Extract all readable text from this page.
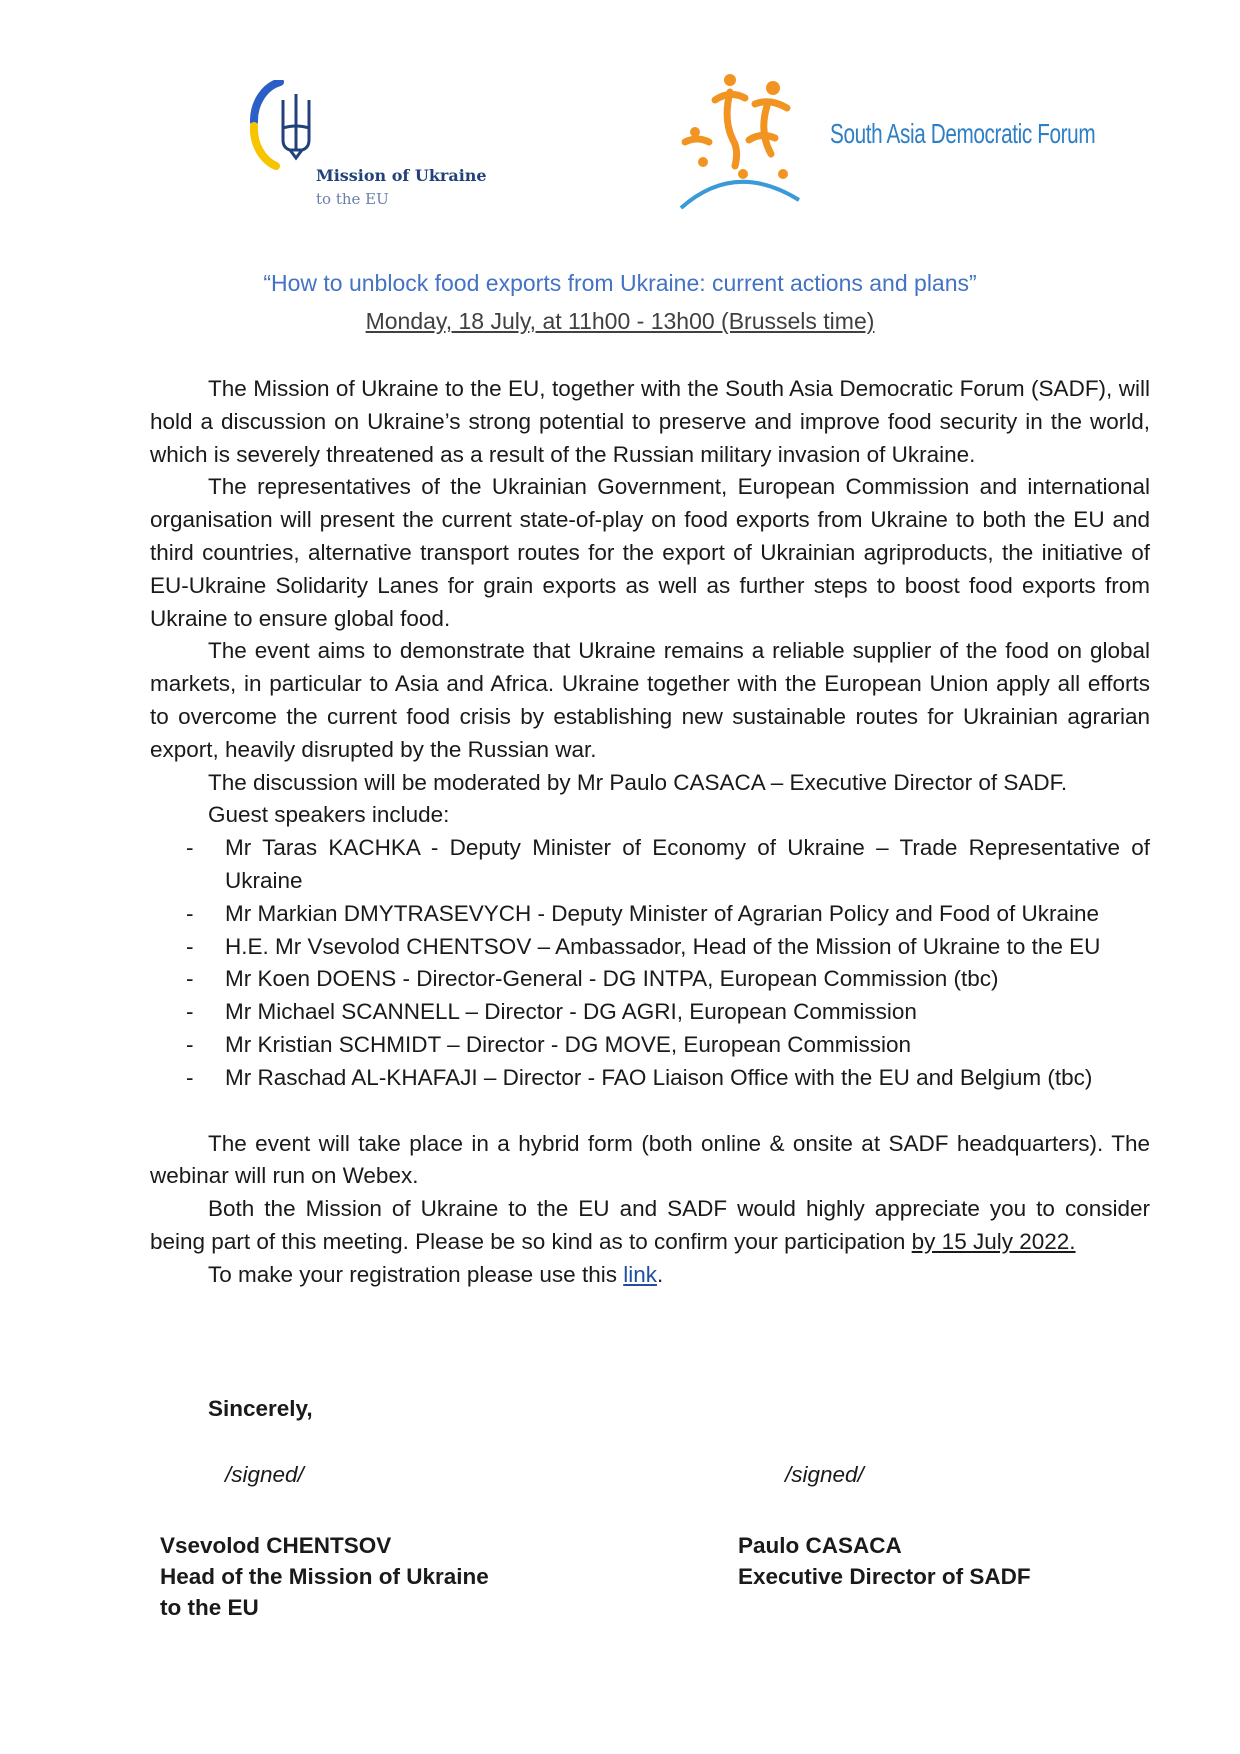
Mission of Ukraine
to the EU
South Asia Democratic Forum
“How to unblock food exports from Ukraine: current actions and plans”
Monday, 18 July, at 11h00 - 13h00 (Brussels time)

The Mission of Ukraine to the EU, together with the South Asia Democratic Forum (SADF), will hold a discussion on Ukraine’s strong potential to preserve and improve food security in the world, which is severely threatened as a result of the Russian military invasion of Ukraine.

The representatives of the Ukrainian Government, European Commission and international organisation will present the current state-of-play on food exports from Ukraine to both the EU and third countries, alternative transport routes for the export of Ukrainian agriproducts, the initiative of EU-Ukraine Solidarity Lanes for grain exports as well as further steps to boost food exports from Ukraine to ensure global food.

The event aims to demonstrate that Ukraine remains a reliable supplier of the food on global markets, in particular to Asia and Africa. Ukraine together with the European Union apply all efforts to overcome the current food crisis by establishing new sustainable routes for Ukrainian agrarian export, heavily disrupted by the Russian war.

The discussion will be moderated by Mr Paulo CASACA – Executive Director of SADF.

Guest speakers include:

- Mr Taras KACHKA - Deputy Minister of Economy of Ukraine – Trade Representative of Ukraine
- Mr Markian DMYTRASEVYCH - Deputy Minister of Agrarian Policy and Food of Ukraine
- H.E. Mr Vsevolod CHENTSOV – Ambassador, Head of the Mission of Ukraine to the EU
- Mr Koen DOENS - Director-General - DG INTPA, European Commission (tbc)
- Mr Michael SCANNELL – Director - DG AGRI, European Commission
- Mr Kristian SCHMIDT – Director - DG MOVE, European Commission
- Mr Raschad AL-KHAFAJI – Director - FAO Liaison Office with the EU and Belgium (tbc)

The event will take place in a hybrid form (both online & onsite at SADF headquarters). The webinar will run on Webex.

Both the Mission of Ukraine to the EU and SADF would highly appreciate you to consider being part of this meeting. Please be so kind as to confirm your participation by 15 July 2022.

To make your registration please use this link.

Sincerely,
/signed/	/signed/
Vsevolod CHENTSOV
Head of the Mission of Ukraine
to the EU
Paulo CASACA
Executive Director of SADF
